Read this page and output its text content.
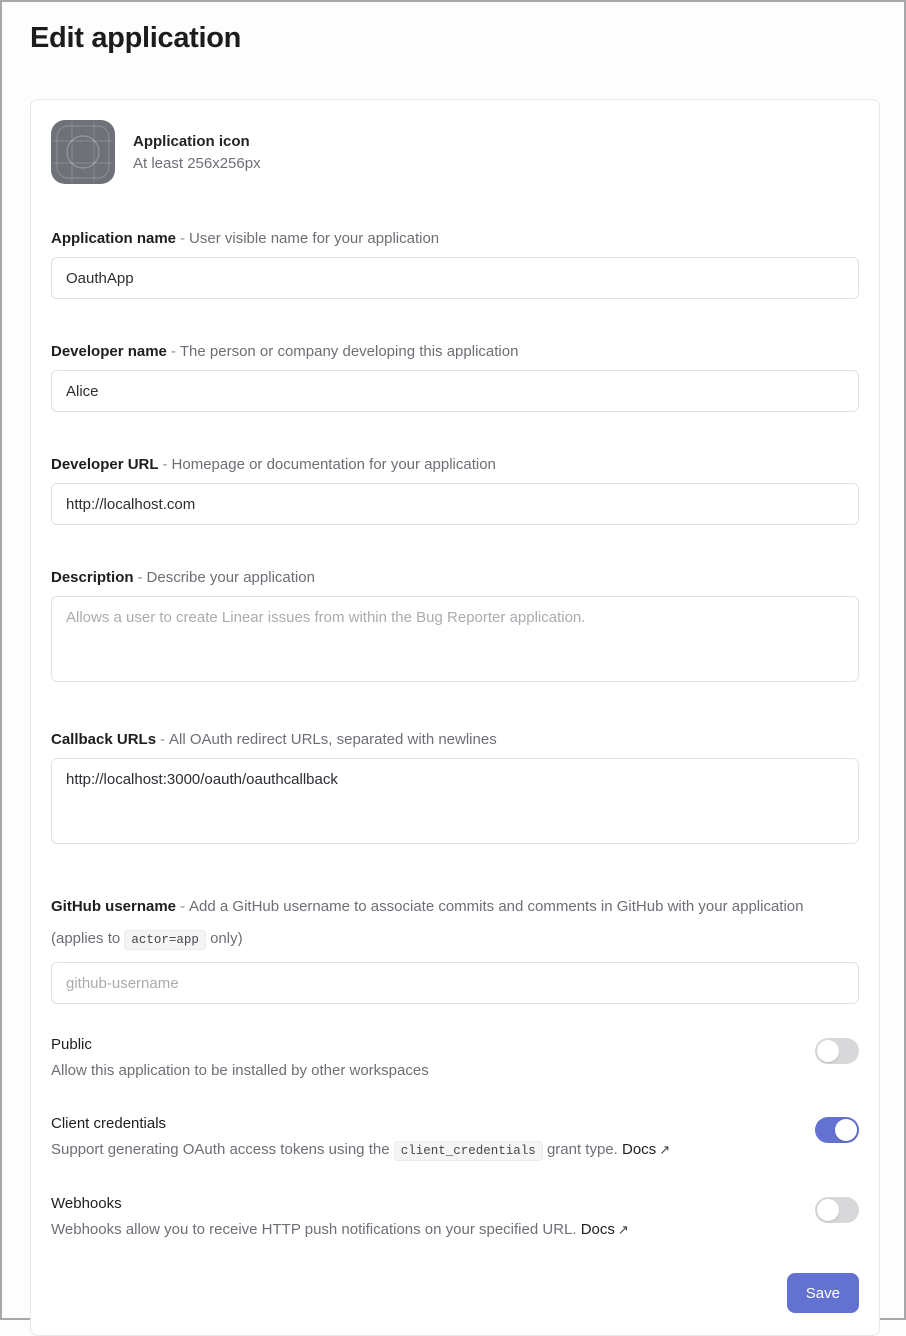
Edit application
Application icon
At least 256x256px
Application name - User visible name for your application
OauthApp
Developer name - The person or company developing this application
Alice
Developer URL - Homepage or documentation for your application
http://localhost.com
Description - Describe your application
Allows a user to create Linear issues from within the Bug Reporter application.
Callback URLs - All OAuth redirect URLs, separated with newlines
http://localhost:3000/oauth/oauthcallback
GitHub username - Add a GitHub username to associate commits and comments in GitHub with your application (applies to actor=app only)
github-username
Public
Allow this application to be installed by other workspaces
Client credentials
Support generating OAuth access tokens using the client_credentials grant type. Docs ↗
Webhooks
Webhooks allow you to receive HTTP push notifications on your specified URL. Docs ↗
Save
